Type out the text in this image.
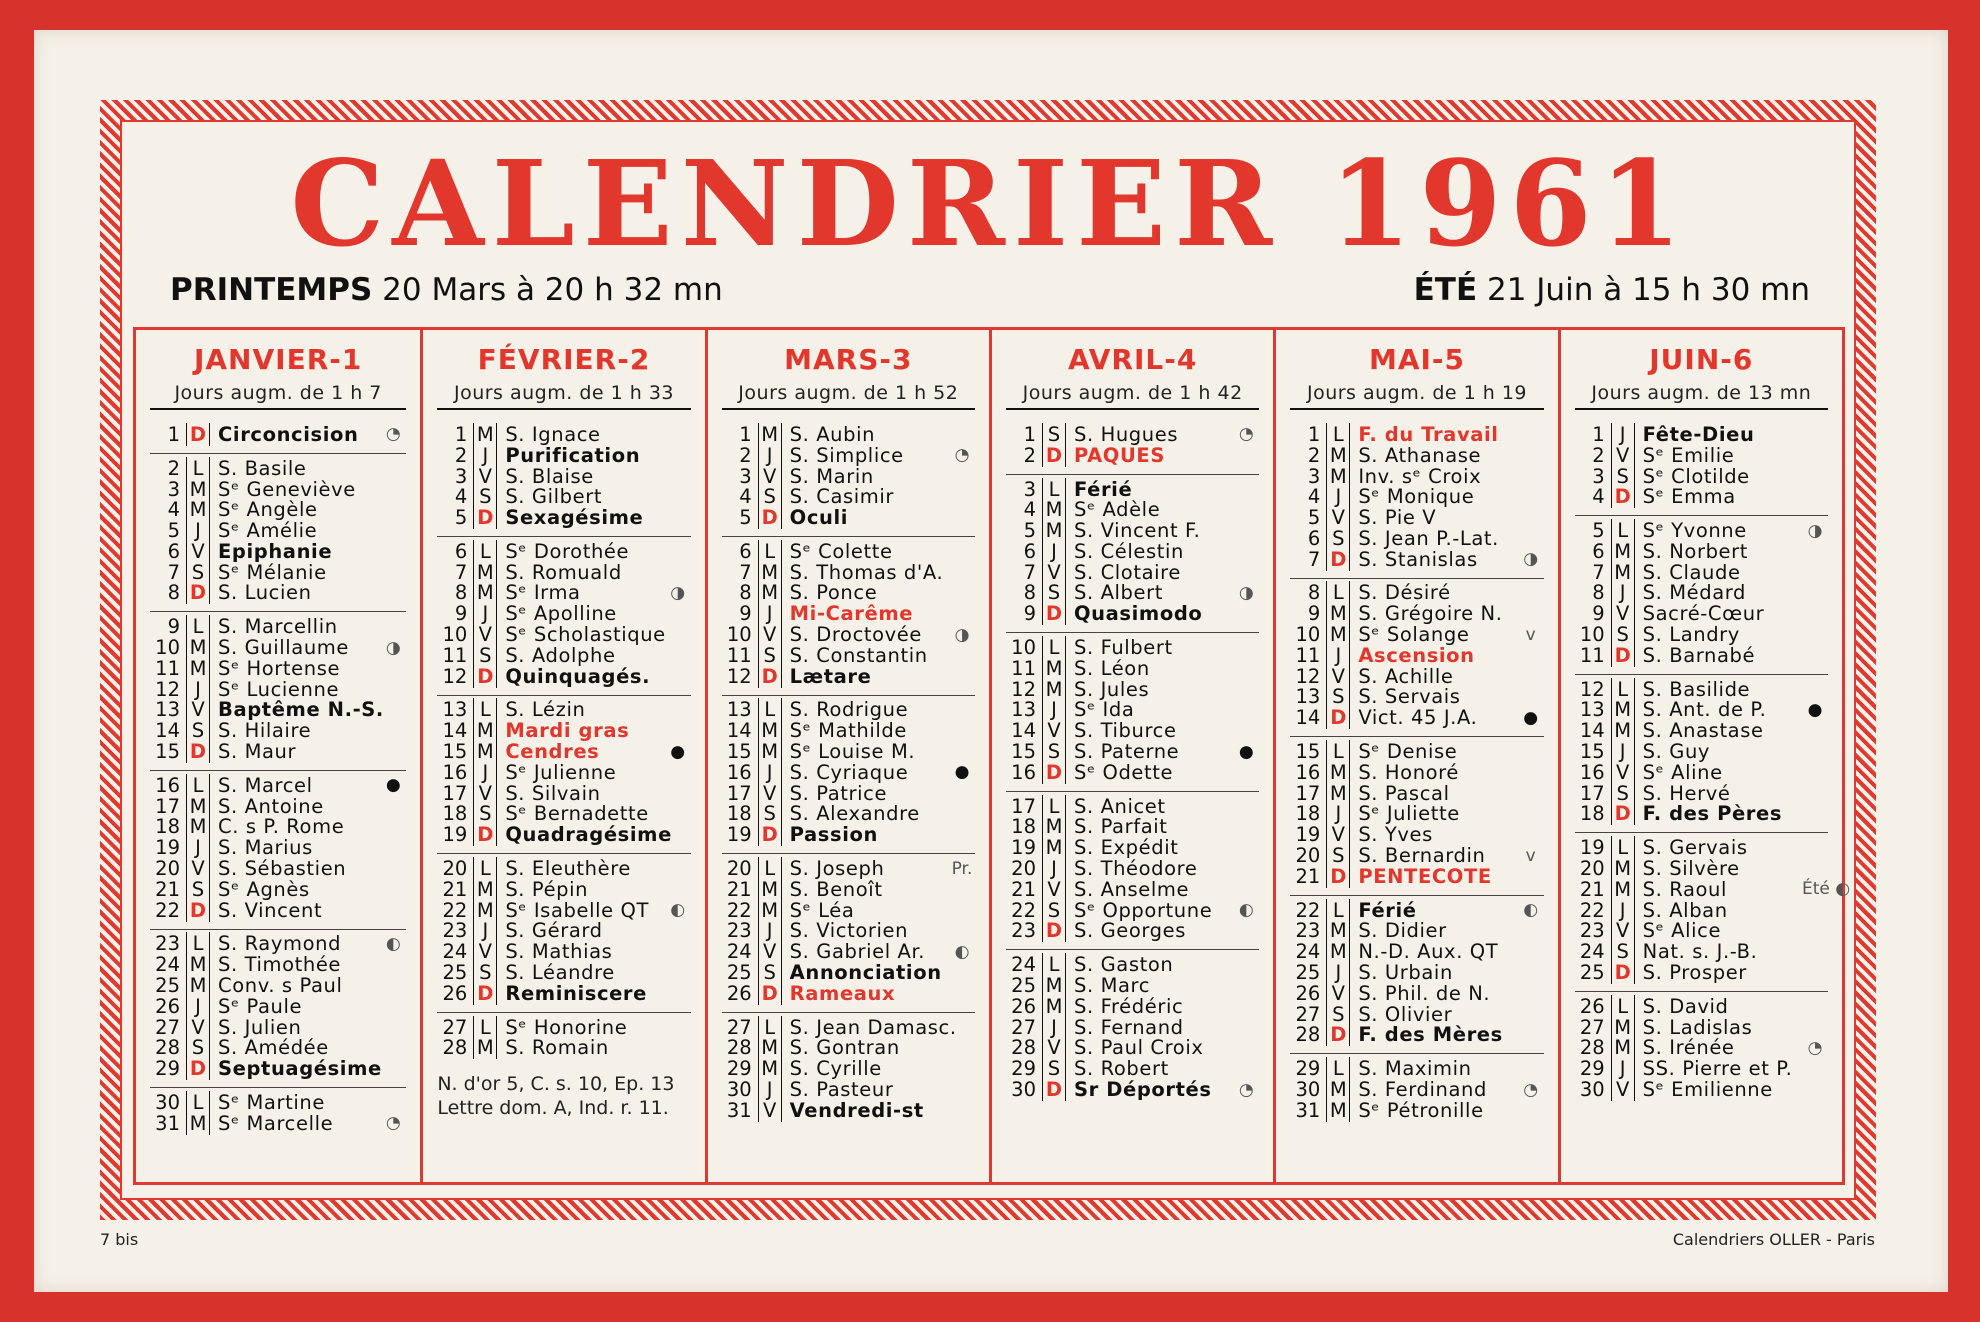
CALENDRIER 1961
PRINTEMPS 20 Mars à 20 h 32 mn	ÉTÉ 21 Juin à 15 h 30 mn
JANVIER-1
Jours augm. de 1 h 7
1 D Circoncision	◔
2 L S. Basile
3 M Sᵉ Geneviève
4 M Sᵉ Angèle
5 J Sᵉ Amélie
6 V Epiphanie
7 S Sᵉ Mélanie
8 D S. Lucien
9 L S. Marcellin
10 M S. Guillaume	◑
11 M Sᵉ Hortense
12 J Sᵉ Lucienne
13 V Baptême N.-S.
14 S S. Hilaire
15 D S. Maur
16 L S. Marcel	●
17 M S. Antoine
18 M C. s P. Rome
19 J S. Marius
20 V S. Sébastien
21 S Sᵉ Agnès
22 D S. Vincent
23 L S. Raymond	◐
24 M S. Timothée
25 M Conv. s Paul
26 J Sᵉ Paule
27 V S. Julien
28 S S. Amédée
29 D Septuagésime
30 L Sᵉ Martine
31 M Sᵉ Marcelle	◔
FÉVRIER-2
Jours augm. de 1 h 33
1 M S. Ignace
2 J Purification
3 V S. Blaise
4 S S. Gilbert
5 D Sexagésime
6 L Sᵉ Dorothée
7 M S. Romuald
8 M Sᵉ Irma	◑
9 J Sᵉ Apolline
10 V Sᵉ Scholastique
11 S S. Adolphe
12 D Quinquagés.
13 L S. Lézin
14 M Mardi gras
15 M Cendres	●
16 J Sᵉ Julienne
17 V S. Silvain
18 S Sᵉ Bernadette
19 D Quadragésime
20 L S. Eleuthère
21 M S. Pépin
22 M Sᵉ Isabelle QT	◐
23 J S. Gérard
24 V S. Mathias
25 S S. Léandre
26 D Reminiscere
27 L Sᵉ Honorine
28 M S. Romain
N. d'or 5, C. s. 10, Ep. 13
Lettre dom. A, Ind. r. 11.
MARS-3
Jours augm. de 1 h 52
1 M S. Aubin
2 J S. Simplice	◔
3 V S. Marin
4 S S. Casimir
5 D Oculi
6 L Sᵉ Colette
7 M S. Thomas d'A.
8 M S. Ponce
9 J Mi-Carême
10 V S. Droctovée	◑
11 S S. Constantin
12 D Lætare
13 L S. Rodrigue
14 M Sᵉ Mathilde
15 M Sᵉ Louise M.
16 J S. Cyriaque	●
17 V S. Patrice
18 S S. Alexandre
19 D Passion
20 L S. Joseph	Pr.
21 M S. Benoît
22 M Sᵉ Léa
23 J S. Victorien
24 V S. Gabriel Ar.	◐
25 S Annonciation
26 D Rameaux
27 L S. Jean Damasc.
28 M S. Gontran
29 M S. Cyrille
30 J S. Pasteur
31 V Vendredi-st
AVRIL-4
Jours augm. de 1 h 42
1 S S. Hugues	◔
2 D PAQUES
3 L Férié
4 M Sᵉ Adèle
5 M S. Vincent F.
6 J S. Célestin
7 V S. Clotaire
8 S S. Albert	◑
9 D Quasimodo
10 L S. Fulbert
11 M S. Léon
12 M S. Jules
13 J Sᵉ Ida
14 V S. Tiburce
15 S S. Paterne	●
16 D Sᵉ Odette
17 L S. Anicet
18 M S. Parfait
19 M S. Expédit
20 J S. Théodore
21 V S. Anselme
22 S Sᵉ Opportune	◐
23 D S. Georges
24 L S. Gaston
25 M S. Marc
26 M S. Frédéric
27 J S. Fernand
28 V S. Paul Croix
29 S S. Robert
30 D Sr Déportés	◔
MAI-5
Jours augm. de 1 h 19
1 L F. du Travail
2 M S. Athanase
3 M Inv. sᵉ Croix
4 J Sᵉ Monique
5 V S. Pie V
6 S S. Jean P.-Lat.
7 D S. Stanislas	◑
8 L S. Désiré
9 M S. Grégoire N.
10 M Sᵉ Solange	v
11 J Ascension
12 V S. Achille
13 S S. Servais
14 D Vict. 45 J.A.	●
15 L Sᵉ Denise
16 M S. Honoré
17 M S. Pascal
18 J Sᵉ Juliette
19 V S. Yves
20 S S. Bernardin	v
21 D PENTECOTE
22 L Férié	◐
23 M S. Didier
24 M N.-D. Aux. QT
25 J S. Urbain
26 V S. Phil. de N.
27 S S. Olivier
28 D F. des Mères
29 L S. Maximin
30 M S. Ferdinand	◔
31 M Sᵉ Pétronille
JUIN-6
Jours augm. de 13 mn
1 J Fête-Dieu
2 V Sᵉ Emilie
3 S Sᵉ Clotilde
4 D Sᵉ Emma
5 L Sᵉ Yvonne	◑
6 M S. Norbert
7 M S. Claude
8 J S. Médard
9 V Sacré-Cœur
10 S S. Landry
11 D S. Barnabé
12 L S. Basilide
13 M S. Ant. de P.	●
14 M S. Anastase
15 J S. Guy
16 V Sᵉ Aline
17 S S. Hervé
18 D F. des Pères
19 L S. Gervais
20 M S. Silvère
21 M S. Raoul	Été ◐
22 J S. Alban
23 V Sᵉ Alice
24 S Nat. s. J.-B.
25 D S. Prosper
26 L S. David
27 M S. Ladislas
28 M S. Irénée	◔
29 J SS. Pierre et P.
30 V Sᵉ Emilienne
7 bis	Calendriers OLLER - Paris
